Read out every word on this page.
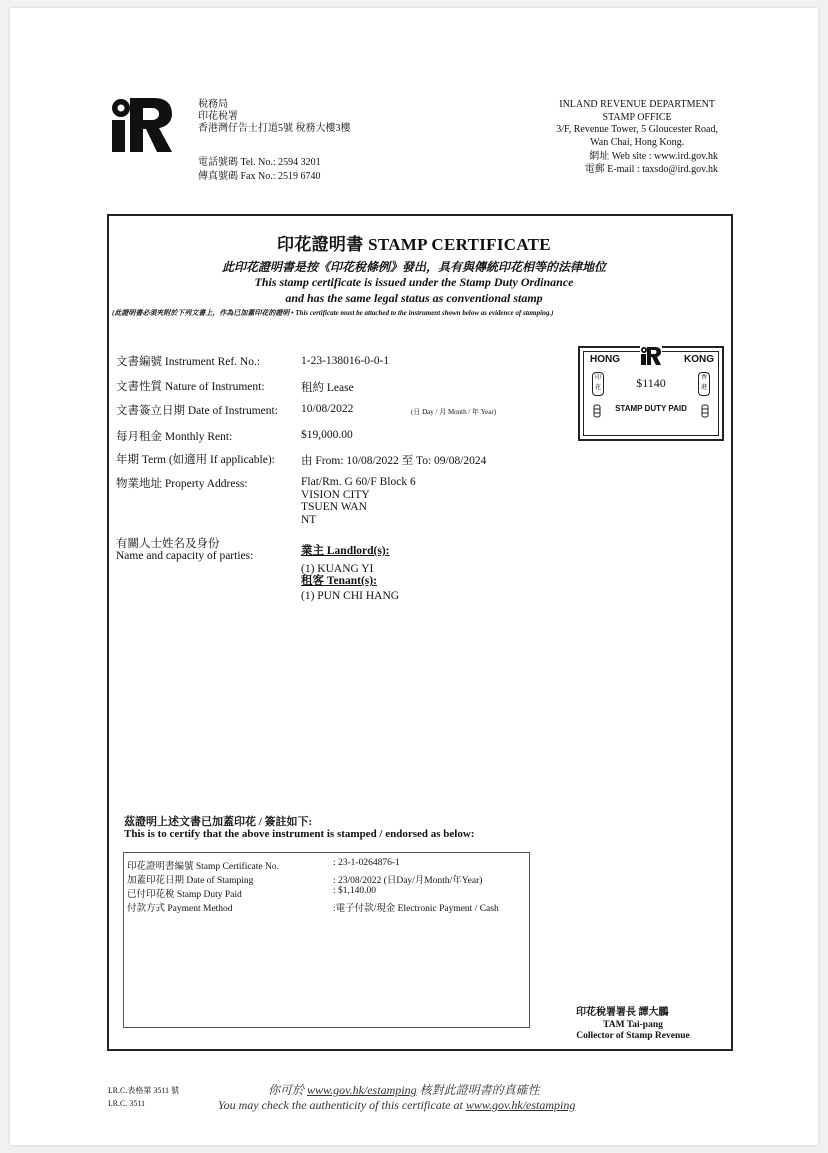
稅務局
印花稅署
香港灣仔告士打道5號 稅務大樓3樓
電話號碼 Tel. No.: 2594 3201
傳真號碼 Fax No.: 2519 6740
INLAND REVENUE DEPARTMENT
STAMP OFFICE
3/F, Revenue Tower, 5 Gloucester Road,
Wan Chai, Hong Kong.
網址 Web site : www.ird.gov.hk
電郵 E-mail : taxsdo@ird.gov.hk
印花證明書 STAMP CERTIFICATE
此印花證明書是按《印花稅條例》發出，具有與傳統印花相等的法律地位
This stamp certificate is issued under the Stamp Duty Ordinance
and has the same legal status as conventional stamp
(此證明書必須夾附於下列文書上，作為已加蓋印花的證明 • This certificate must be attached to the instrument shown below as evidence of stamping.)
文書編號 Instrument Ref. No.:	1-23-138016-0-0-1
文書性質 Nature of Instrument:	租約 Lease
文書簽立日期 Date of Instrument: 10/08/2022	(日 Day / 月 Month / 年 Year)
每月租金 Monthly Rent:	$19,000.00
年期 Term (如適用 If applicable): 由 From: 10/08/2022 至 To: 09/08/2024
物業地址 Property Address:	Flat/Rm. G 60/F Block 6
VISION CITY
TSUEN WAN
NT
有關人士姓名及身份
Name and capacity of parties:	業主 Landlord(s):
(1) KUANG YI
租客 Tenant(s):
(1) PUN CHI HANG
HONG	KONG
印花
香港
$1140
STAMP DUTY PAID
茲證明上述文書已加蓋印花 / 簽註如下:
This is to certify that the above instrument is stamped / endorsed as below:
印花證明書編號 Stamp Certificate No.	: 23-1-0264876-1
加蓋印花日期 Date of Stamping	: 23/08/2022 (日Day/月Month/年Year)
已付印花稅 Stamp Duty Paid	: $1,140.00
付款方式 Payment Method	:電子付款/現金 Electronic Payment / Cash
印花稅署署長 譚大鵬
TAM Tai-pang
Collector of Stamp Revenue
I.R.C.表格第 3511 號
I.R.C. 3511
你可於 www.gov.hk/estamping 核對此證明書的真確性
You may check the authenticity of this certificate at www.gov.hk/estamping
